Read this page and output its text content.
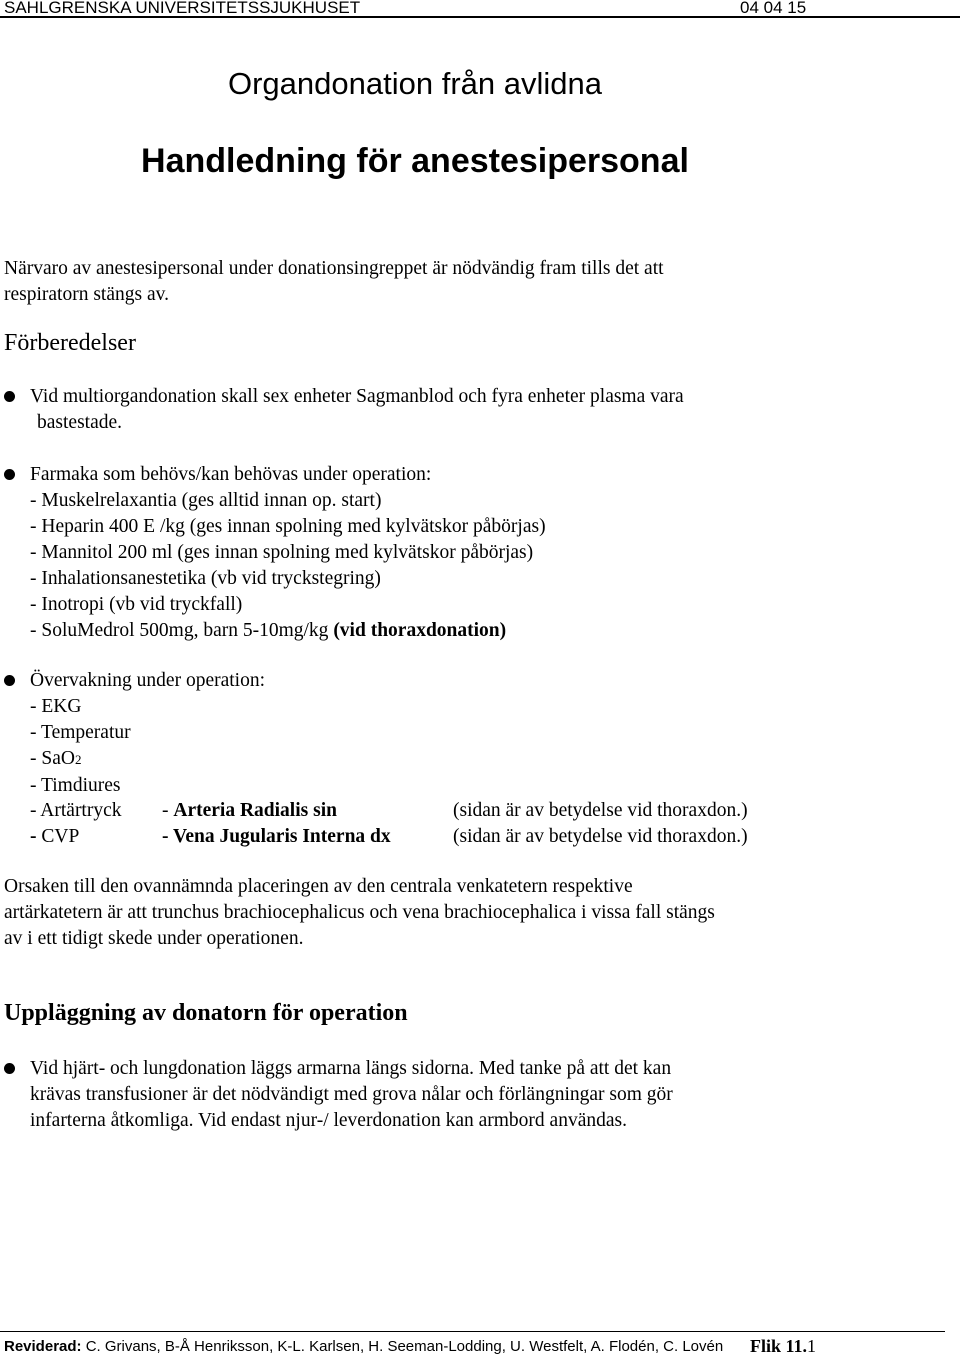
SAHLGRENSKA UNIVERSITETSSJUKHUSET	04 04 15
Organdonation från avlidna
Handledning för anestesipersonal
Närvaro av anestesipersonal under donationsingreppet är nödvändig fram tills det att
respiratorn stängs av.
Förberedelser
Vid multiorgandonation skall sex enheter Sagmanblod och fyra enheter plasma vara
bastestade.
Farmaka som behövs/kan behövas under operation:
- Muskelrelaxantia (ges alltid innan op. start)
- Heparin 400 E /kg (ges innan spolning med kylvätskor påbörjas)
- Mannitol 200 ml (ges innan spolning med kylvätskor påbörjas)
- Inhalationsanestetika (vb vid tryckstegring)
- Inotropi (vb vid tryckfall)
- SoluMedrol 500mg, barn 5-10mg/kg (vid thoraxdonation)
Övervakning under operation:
- EKG
- Temperatur
- SaO2
- Timdiures
- Artärtryck - Arteria Radialis sin	(sidan är av betydelse vid thoraxdon.)
- CVP	- Vena Jugularis Interna dx	(sidan är av betydelse vid thoraxdon.)
Orsaken till den ovannämnda placeringen av den centrala venkatetern respektive
artärkatetern är att trunchus brachiocephalicus och vena brachiocephalica i vissa fall stängs
av i ett tidigt skede under operationen.
Uppläggning av donatorn för operation
Vid hjärt- och lungdonation läggs armarna längs sidorna. Med tanke på att det kan
krävas transfusioner är det nödvändigt med grova nålar och förlängningar som gör
infarterna åtkomliga. Vid endast njur-/ leverdonation kan armbord användas.
Reviderad: C. Grivans, B-Å Henriksson, K-L. Karlsen, H. Seeman-Lodding, U. Westfelt, A. Flodén, C. Lovén Flik 11.1
